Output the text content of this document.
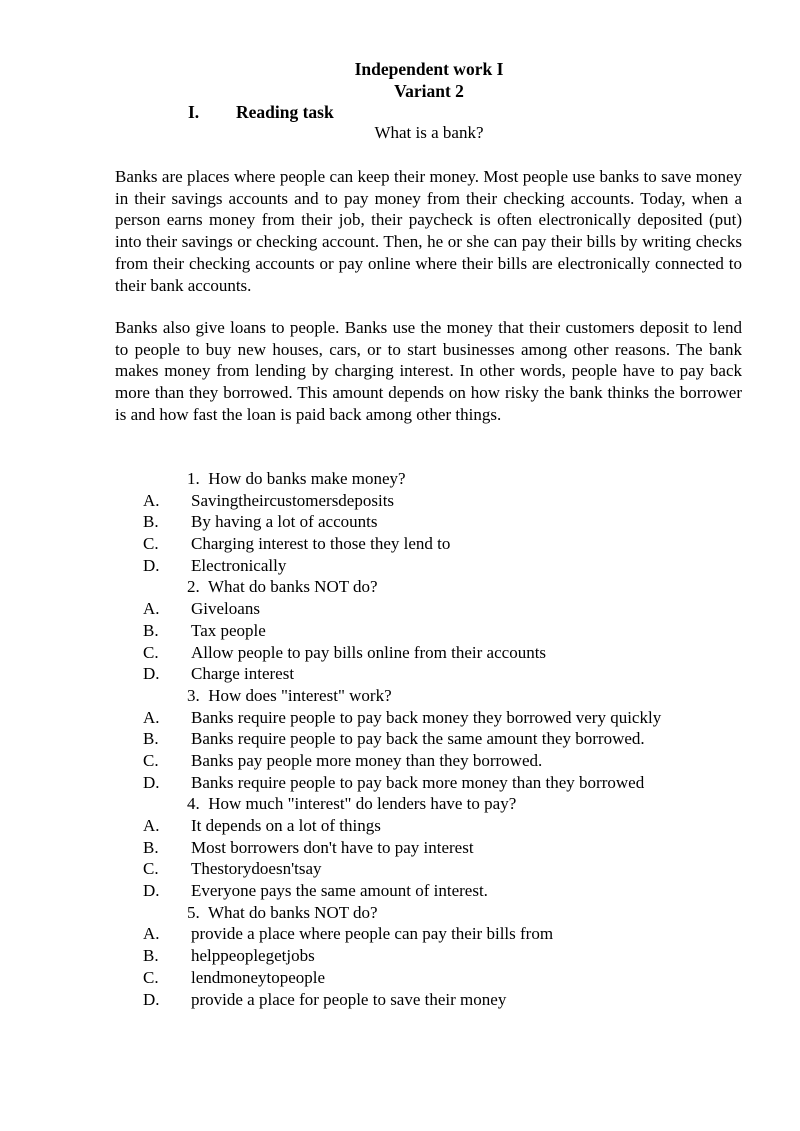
Independent work I
Variant 2
I. Reading task
What is a bank?

Banks are places where people can keep their money. Most people use banks to save money in their savings accounts and to pay money from their checking accounts. Today, when a person earns money from their job, their paycheck is often electronically deposited (put) into their savings or checking account. Then, he or she can pay their bills by writing checks from their checking accounts or pay online where their bills are electronically connected to their bank accounts.

Banks also give loans to people. Banks use the money that their customers deposit to lend to people to buy new houses, cars, or to start businesses among other reasons. The bank makes money from lending by charging interest. In other words, people have to pay back more than they borrowed. This amount depends on how risky the bank thinks the borrower is and how fast the loan is paid back among other things.

1. How do banks make money?
A. Savingtheircustomersdeposits
B. By having a lot of accounts
C. Charging interest to those they lend to
D. Electronically
2. What do banks NOT do?
A. Giveloans
B. Tax people
C. Allow people to pay bills online from their accounts
D. Charge interest
3. How does "interest" work?
A. Banks require people to pay back money they borrowed very quickly
B. Banks require people to pay back the same amount they borrowed.
C. Banks pay people more money than they borrowed.
D. Banks require people to pay back more money than they borrowed
4. How much "interest" do lenders have to pay?
A. It depends on a lot of things
B. Most borrowers don't have to pay interest
C. Thestorydoesn'tsay
D. Everyone pays the same amount of interest.
5. What do banks NOT do?
A. provide a place where people can pay their bills from
B. helppeoplegetjobs
C. lendmoneytopeople
D. provide a place for people to save their money
